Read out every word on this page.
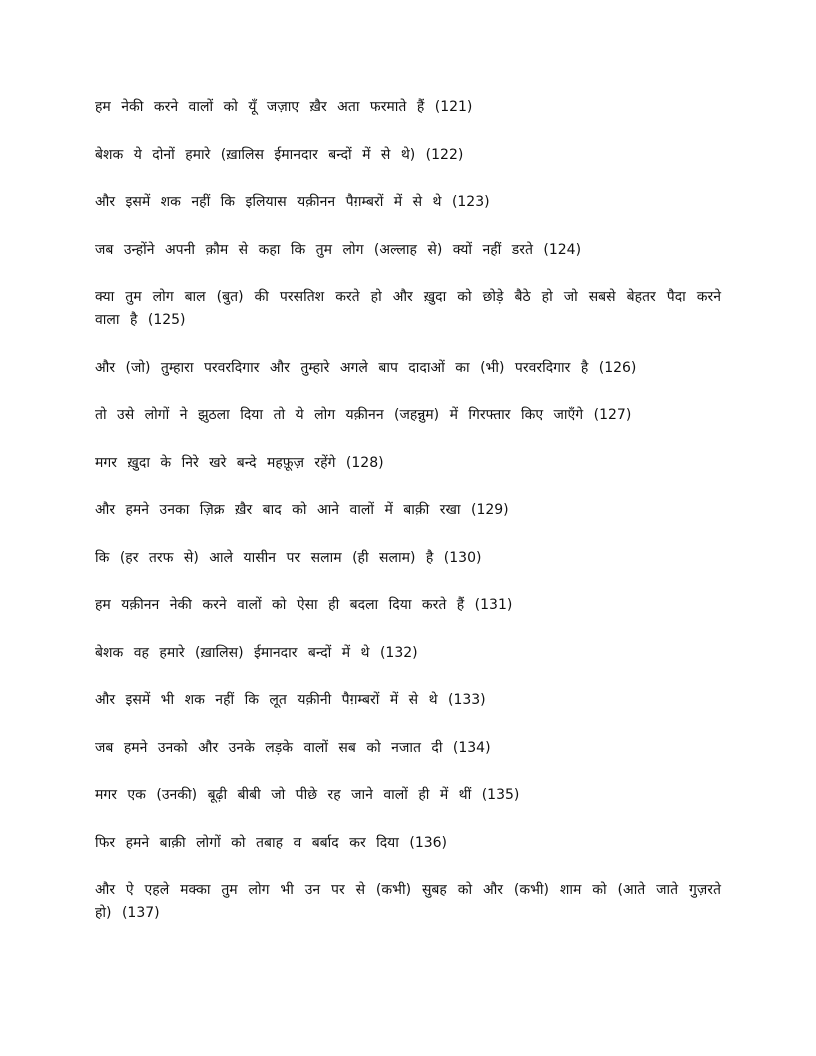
हम नेकी करने वालों को यूँ जज़ाए ख़ैर अता फरमाते हैं (121)

बेशक ये दोनों हमारे (ख़ालिस ईमानदार बन्दों में से थे) (122)

और इसमें शक नहीं कि इलियास यक़ीनन पैग़म्बरों में से थे (123)

जब उन्होंने अपनी क़ौम से कहा कि तुम लोग (अल्लाह से) क्यों नहीं डरते (124)

क्या तुम लोग बाल (बुत) की परसतिश करते हो और ख़ुदा को छोड़े बैठे हो जो सबसे बेहतर पैदा करने वाला है (125)

और (जो) तुम्हारा परवरदिगार और तुम्हारे अगले बाप दादाओं का (भी) परवरदिगार है (126)

तो उसे लोगों ने झुठला दिया तो ये लोग यक़ीनन (जहन्नुम) में गिरफ्तार किए जाएँगे (127)

मगर ख़ुदा के निरे खरे बन्दे महफ़ूज़ रहेंगे (128)

और हमने उनका ज़िक्र ख़ैर बाद को आने वालों में बाक़ी रखा (129)

कि (हर तरफ से) आले यासीन पर सलाम (ही सलाम) है (130)

हम यक़ीनन नेकी करने वालों को ऐसा ही बदला दिया करते हैं (131)

बेशक वह हमारे (ख़ालिस) ईमानदार बन्दों में थे (132)

और इसमें भी शक नहीं कि लूत यक़ीनी पैग़म्बरों में से थे (133)

जब हमने उनको और उनके लड़के वालों सब को नजात दी (134)

मगर एक (उनकी) बूढ़ी बीबी जो पीछे रह जाने वालों ही में थीं (135)

फिर हमने बाक़ी लोगों को तबाह व बर्बाद कर दिया (136)

और ऐ एहले मक्का तुम लोग भी उन पर से (कभी) सुबह को और (कभी) शाम को (आते जाते गुज़रते हो) (137)
